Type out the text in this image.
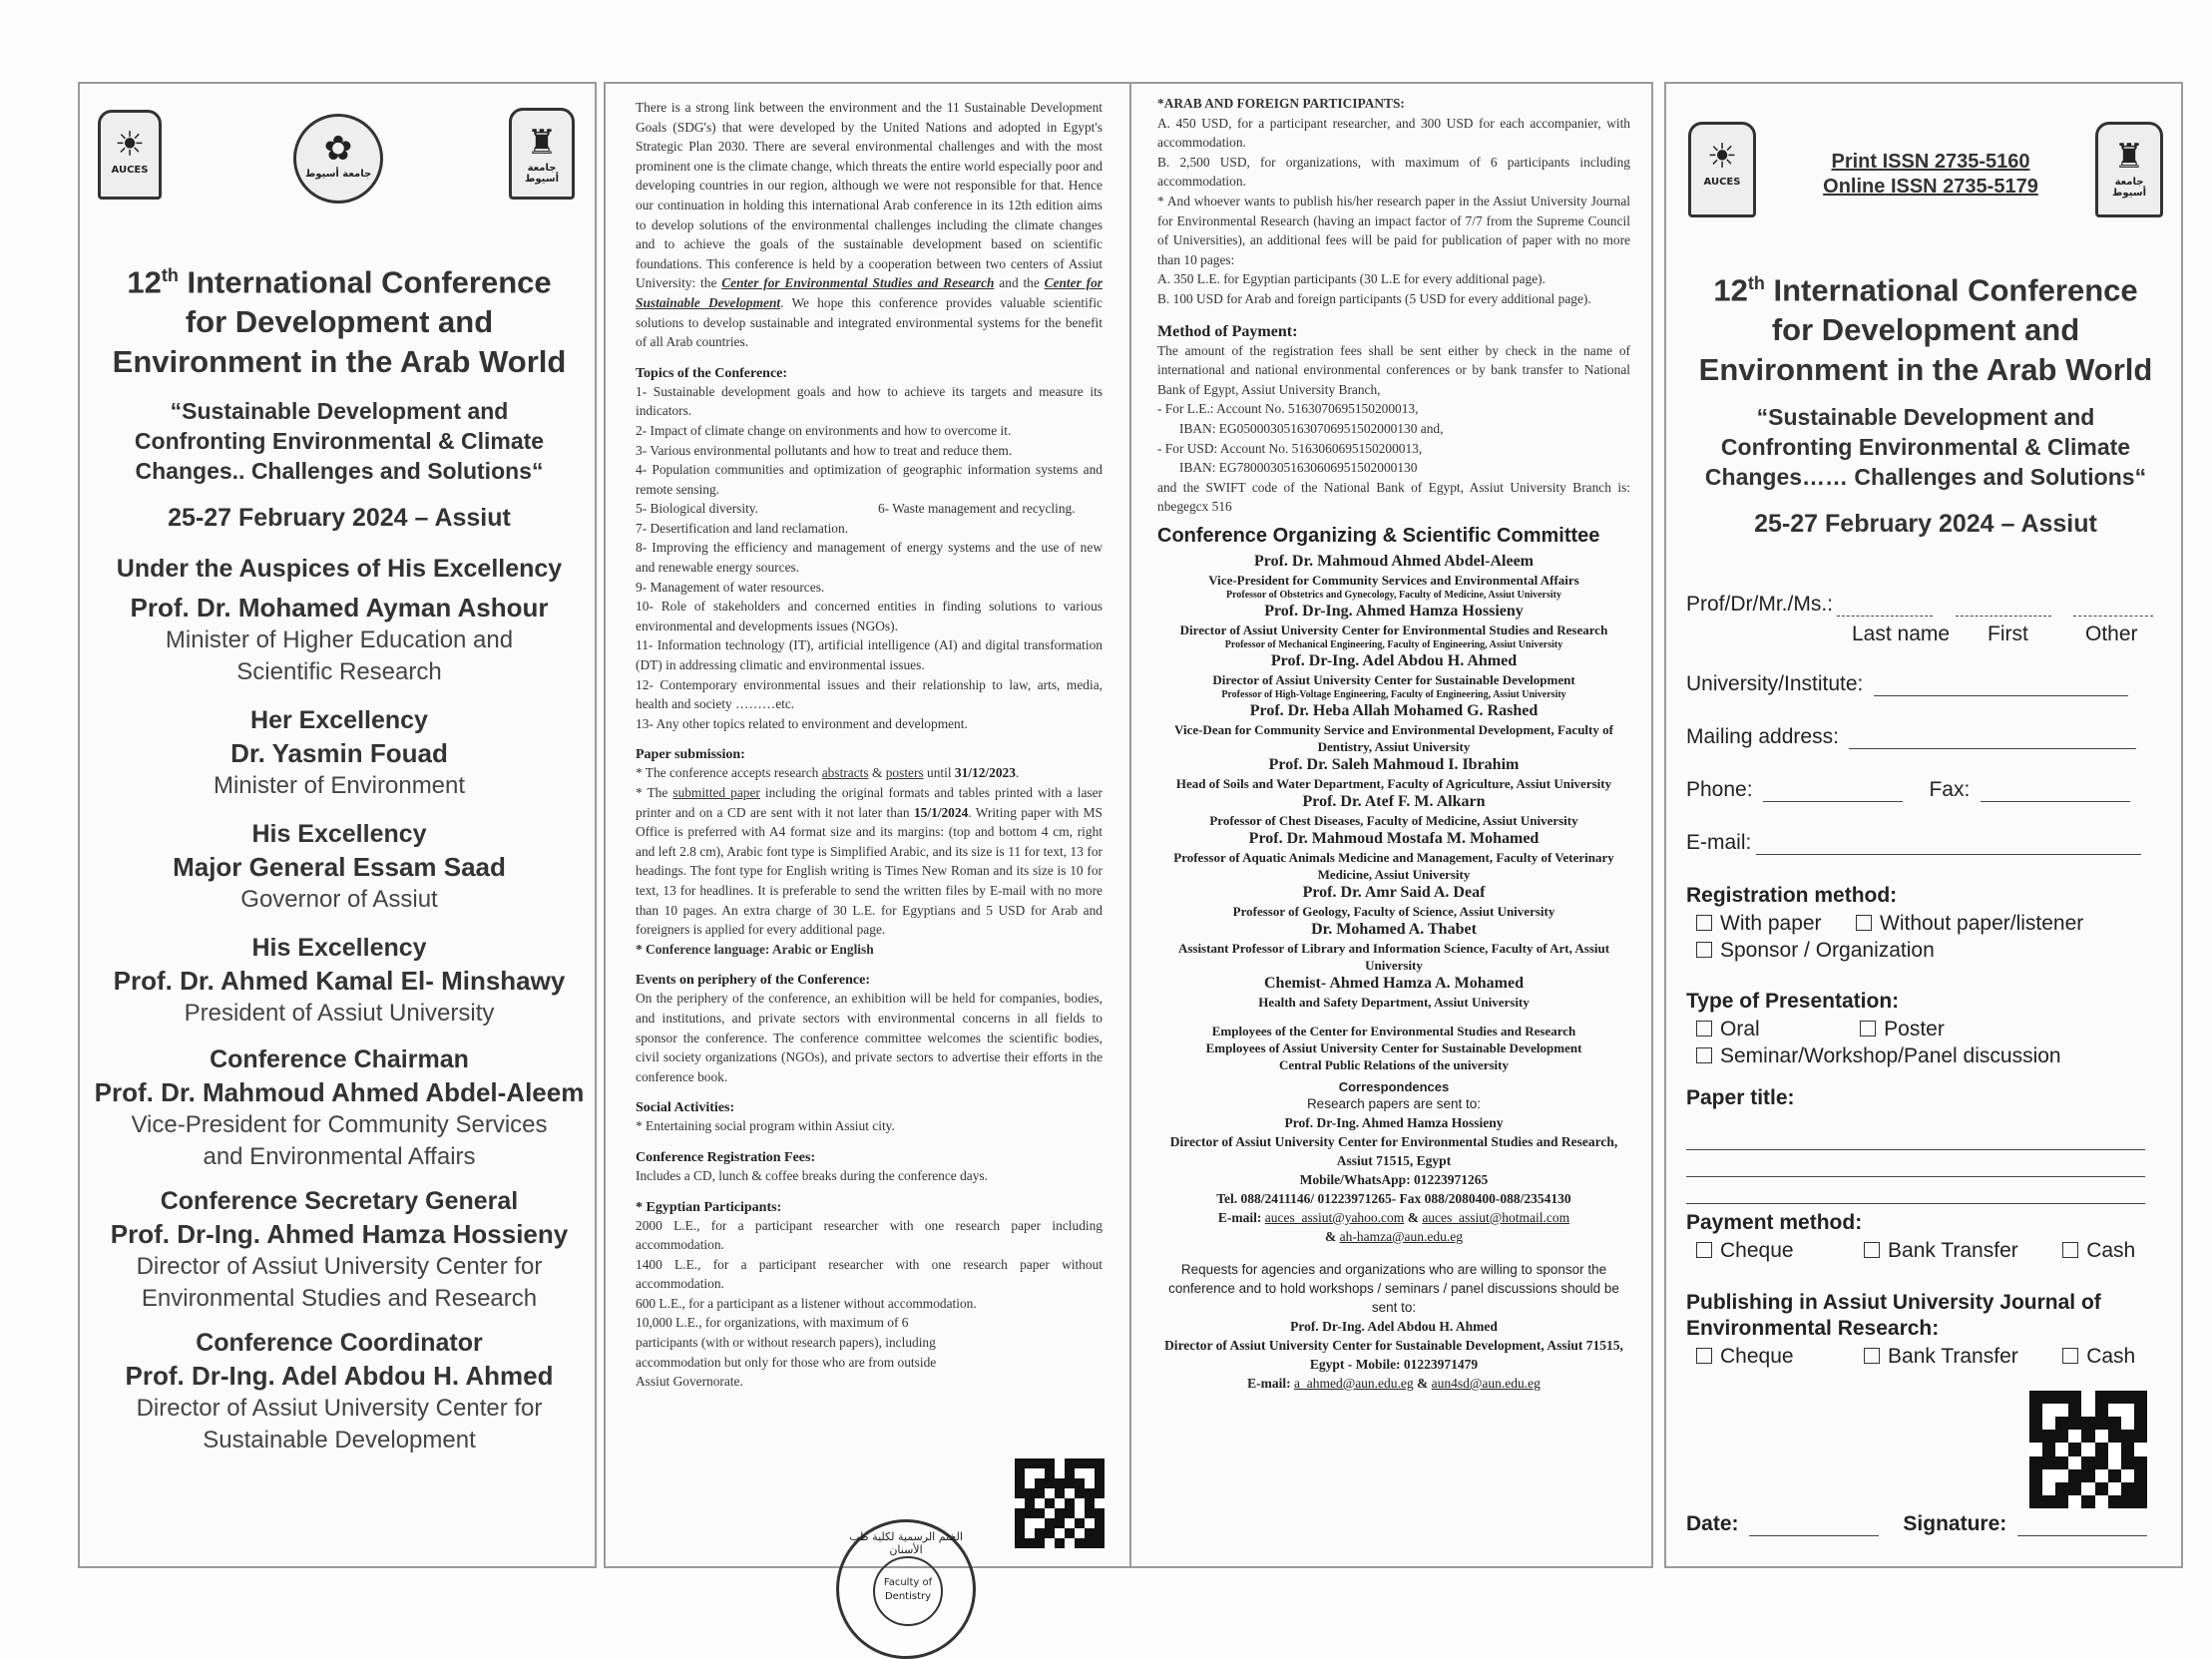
☀
AUCES
✿
جامعة أسيوط
♜
جامعة أسيوط
12th International Conference
for Development and
Environment in the Arab World
“Sustainable Development and
Confronting Environmental & Climate
Changes.. Challenges and Solutions“
25-27 February 2024 – Assiut
Under the Auspices of His Excellency
Prof. Dr. Mohamed Ayman Ashour
Minister of Higher Education and
Scientific Research
Her Excellency
Dr. Yasmin Fouad
Minister of Environment
His Excellency
Major General Essam Saad
Governor of Assiut
His Excellency
Prof. Dr. Ahmed Kamal El- Minshawy
President of Assiut University
Conference Chairman
Prof. Dr. Mahmoud Ahmed Abdel-Aleem
Vice-President for Community Services
and Environmental Affairs
Conference Secretary General
Prof. Dr-Ing. Ahmed Hamza Hossieny
Director of Assiut University Center for
Environmental Studies and Research
Conference Coordinator
Prof. Dr-Ing. Adel Abdou H. Ahmed
Director of Assiut University Center for
Sustainable Development
There is a strong link between the environment and the 11 Sustainable Development Goals (SDG's) that were developed by the United Nations and adopted in Egypt's Strategic Plan 2030. There are several environmental challenges and with the most prominent one is the climate change, which threats the entire world especially poor and developing countries in our region, although we were not responsible for that. Hence our continuation in holding this international Arab conference in its 12th edition aims to develop solutions of the environmental challenges including the climate changes and to achieve the goals of the sustainable development based on scientific foundations. This conference is held by a cooperation between two centers of Assiut University: the Center for Environmental Studies and Research and the Center for Sustainable Development. We hope this conference provides valuable scientific solutions to develop sustainable and integrated environmental systems for the benefit of all Arab countries.
Topics of the Conference:
1- Sustainable development goals and how to achieve its targets and measure its indicators.
2- Impact of climate change on environments and how to overcome it.
3- Various environmental pollutants and how to treat and reduce them.
4- Population communities and optimization of geographic information systems and remote sensing.
5- Biological diversity.	6- Waste management and recycling.
7- Desertification and land reclamation.
8- Improving the efficiency and management of energy systems and the use of new and renewable energy sources.
9- Management of water resources.
10- Role of stakeholders and concerned entities in finding solutions to various environmental and developments issues (NGOs).
11- Information technology (IT), artificial intelligence (AI) and digital transformation (DT) in addressing climatic and environmental issues.
12- Contemporary environmental issues and their relationship to law, arts, media, health and society ………etc.
13- Any other topics related to environment and development.
Paper submission:
* The conference accepts research abstracts & posters until 31/12/2023.
* The submitted paper including the original formats and tables printed with a laser printer and on a CD are sent with it not later than 15/1/2024. Writing paper with MS Office is preferred with A4 format size and its margins: (top and bottom 4 cm, right and left 2.8 cm), Arabic font type is Simplified Arabic, and its size is 11 for text, 13 for headings. The font type for English writing is Times New Roman and its size is 10 for text, 13 for headlines. It is preferable to send the written files by E-mail with no more than 10 pages. An extra charge of 30 L.E. for Egyptians and 5 USD for Arab and foreigners is applied for every additional page.
* Conference language: Arabic or English
Events on periphery of the Conference:
On the periphery of the conference, an exhibition will be held for companies, bodies, and institutions, and private sectors with environmental concerns in all fields to sponsor the conference. The conference committee welcomes the scientific bodies, civil society organizations (NGOs), and private sectors to advertise their efforts in the conference book.
Social Activities:
* Entertaining social program within Assiut city.
Conference Registration Fees:
Includes a CD, lunch & coffee breaks during the conference days.
* Egyptian Participants:
2000 L.E., for a participant researcher with one research paper including accommodation.
1400 L.E., for a participant researcher with one research paper without accommodation.
600 L.E., for a participant as a listener without accommodation.
10,000 L.E., for organizations, with maximum of 6 participants (with or without research papers), including accommodation but only for those who are from outside Assiut Governorate.
*ARAB AND FOREIGN PARTICIPANTS:
A. 450 USD, for a participant researcher, and 300 USD for each accompanier, with accommodation.
B. 2,500 USD, for organizations, with maximum of 6 participants including accommodation.
* And whoever wants to publish his/her research paper in the Assiut University Journal for Environmental Research (having an impact factor of 7/7 from the Supreme Council of Universities), an additional fees will be paid for publication of paper with no more than 10 pages:
A. 350 L.E. for Egyptian participants (30 L.E for every additional page).
B. 100 USD for Arab and foreign participants (5 USD for every additional page).
Method of Payment:
The amount of the registration fees shall be sent either by check in the name of international and national environmental conferences or by bank transfer to National Bank of Egypt, Assiut University Branch,
- For L.E.: Account No. 5163070695150200013,
IBAN: EG050003051630706951502000130 and,
- For USD: Account No. 5163060695150200013,
IBAN: EG780003051630606951502000130
and the SWIFT code of the National Bank of Egypt, Assiut University Branch is: nbegegcx 516
Conference Organizing & Scientific Committee
Prof. Dr. Mahmoud Ahmed Abdel-Aleem
Vice-President for Community Services and Environmental Affairs
Professor of Obstetrics and Gynecology, Faculty of Medicine, Assiut University
Prof. Dr-Ing. Ahmed Hamza Hossieny
Director of Assiut University Center for Environmental Studies and Research
Professor of Mechanical Engineering, Faculty of Engineering, Assiut University
Prof. Dr-Ing. Adel Abdou H. Ahmed
Director of Assiut University Center for Sustainable Development
Professor of High-Voltage Engineering, Faculty of Engineering, Assiut University
Prof. Dr. Heba Allah Mohamed G. Rashed
Vice-Dean for Community Service and Environmental Development, Faculty of Dentistry, Assiut University
Prof. Dr. Saleh Mahmoud I. Ibrahim
Head of Soils and Water Department, Faculty of Agriculture, Assiut University
Prof. Dr. Atef F. M. Alkarn
Professor of Chest Diseases, Faculty of Medicine, Assiut University
Prof. Dr. Mahmoud Mostafa M. Mohamed
Professor of Aquatic Animals Medicine and Management, Faculty of Veterinary Medicine, Assiut University
Prof. Dr. Amr Said A. Deaf
Professor of Geology, Faculty of Science, Assiut University
Dr. Mohamed A. Thabet
Assistant Professor of Library and Information Science, Faculty of Art, Assiut University
Chemist- Ahmed Hamza A. Mohamed
Health and Safety Department, Assiut University
Employees of the Center for Environmental Studies and Research
Employees of Assiut University Center for Sustainable Development
Central Public Relations of the university
Correspondences
Research papers are sent to:
Prof. Dr-Ing. Ahmed Hamza Hossieny
Director of Assiut University Center for Environmental Studies and Research, Assiut 71515, Egypt
Mobile/WhatsApp: 01223971265
Tel. 088/2411146/ 01223971265- Fax 088/2080400-088/2354130
E-mail: auces_assiut@yahoo.com & auces_assiut@hotmail.com
& ah-hamza@aun.edu.eg
Requests for agencies and organizations who are willing to sponsor the conference and to hold workshops / seminars / panel discussions should be sent to:
Prof. Dr-Ing. Adel Abdou H. Ahmed
Director of Assiut University Center for Sustainable Development, Assiut 71515, Egypt - Mobile: 01223971479
E-mail: a_ahmed@aun.edu.eg & aun4sd@aun.edu.eg
الختم الرسمية لكلية طب الأسنان
Faculty of Dentistry
Print ISSN 2735-5160
Online ISSN 2735-5179
☀
AUCES
♜
جامعة أسيوط
12th International Conference
for Development and
Environment in the Arab World
“Sustainable Development and
Confronting Environmental & Climate
Changes…… Challenges and Solutions“
25-27 February 2024 – Assiut
Prof/Dr/Mr./Ms.:
Last name First	Other
University/Institute:
Mailing address:
Phone:	Fax:
E-mail:
Registration method:
With paper	Without paper/listener
Sponsor / Organization
Type of Presentation:
Oral	Poster
Seminar/Workshop/Panel discussion
Paper title:
Payment method:
Cheque	Bank Transfer	Cash
Publishing in Assiut University Journal of
Environmental Research:
Cheque	Bank Transfer	Cash
Date:	Signature:
